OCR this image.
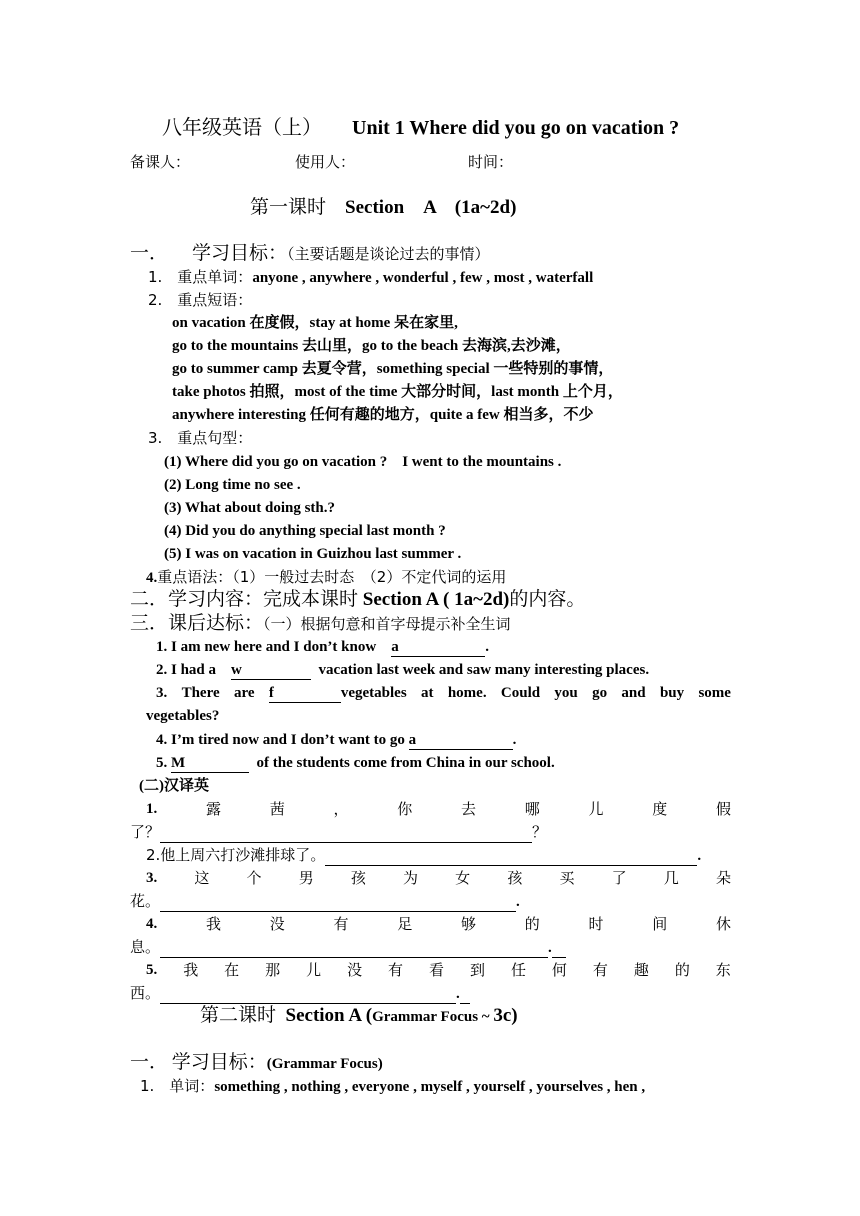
八年级英语（上） Unit 1 Where did you go on vacation ?
备课人：	使用人：	时间：
第一课时　 Section　A　(1a~2d)
一． 学习目标：（主要话题是谈论过去的事情）
1.　重点单词：anyone , anywhere , wonderful , few , most , waterfall
2.　重点短语：
on vacation 在度假，stay at home 呆在家里,
go to the mountains 去山里，go to the beach 去海滨,去沙滩，
go to summer camp 去夏令营，something special 一些特别的事情，
take photos 拍照，most of the time 大部分时间，last month 上个月，
anywhere interesting 任何有趣的地方，quite a few 相当多，不少
3.　重点句型：
(1) Where did you go on vacation ?　I went to the mountains .
(2) Long time no see .
(3) What about doing sth.?
(4) Did you do anything special last month ?
(5) I was on vacation in Guizhou last summer .
4.重点语法：（1）一般过去时态　（2）不定代词的运用
二．学习内容：完成本课时 Section A ( 1a~2d)的内容。
三．课后达标：（一）根据句意和首字母提示补全生词
1. I am new here and I don’t know　a	.
2. I had a　w	vacation last week and saw many interesting places.
3. There are f	vegetables at home. Could you go and buy some
vegetables?
4. I’m tired now and I don’t want to go a	.
5. M	of the students come from China in our school.
(二)汉译英
1.	露	茜	，	你	去	哪	儿	度	假
了？	？
2.他上周六打沙滩排球了。	.
3. 这 个 男 孩 为 女 孩 买 了 几 朵
花。	.
4.	我	没	有	足	够	的	时	间	休
息。	.
5. 我 在 那 儿 没 有 看 到 任 何 有 趣 的 东
西。	.
第二课时 Section A (Grammar Focus ~ 3c)
一． 学习目标：(Grammar Focus)
1.　单词：something , nothing , everyone , myself , yourself , yourselves , hen ,
